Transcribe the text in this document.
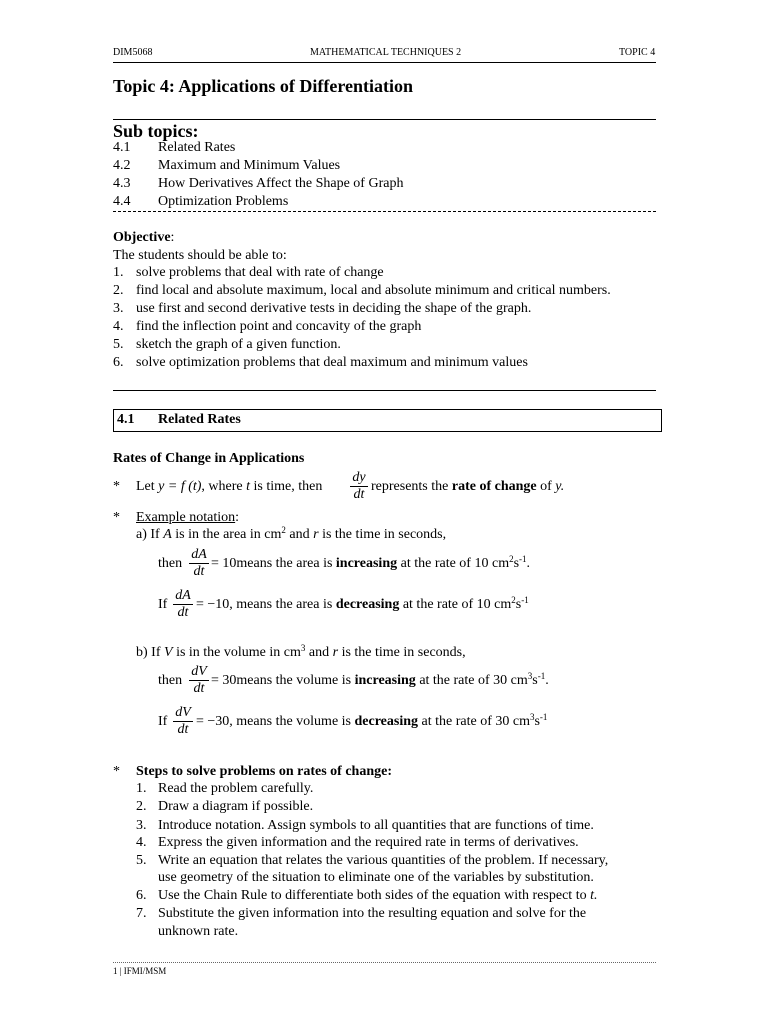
DIM5068	MATHEMATICAL TECHNIQUES 2	TOPIC 4
Topic 4: Applications of Differentiation
Sub topics:
4.1 Related Rates
4.2 Maximum and Minimum Values
4.3 How Derivatives Affect the Shape of Graph
4.4 Optimization Problems
Objective:
The students should be able to:
1. solve problems that deal with rate of change
2. find local and absolute maximum, local and absolute minimum and critical numbers.
3. use first and second derivative tests in deciding the shape of the graph.
4. find the inflection point and concavity of the graph
5. sketch the graph of a given function.
6. solve optimization problems that deal maximum and minimum values
4.1 Related Rates
Rates of Change in Applications
* Let y = f (t), where t is time, then $\frac{dy}{dt}$ represents the rate of change of y.
* Example notation:
a) If A is in the area in $cm^2$ and r is the time in seconds,
then $\frac{dA}{dt}$ = 10means the area is increasing at the rate of 10 $cm^2s^{-1}$.
If $\frac{dA}{dt} = -10$, means the area is decreasing at the rate of 10 $cm^2s^{-1}$
b) If V is in the volume in $cm^3$ and r is the time in seconds,
then $\frac{dV}{dt}$ = 30means the volume is increasing at the rate of 30 $cm^3s^{-1}$.
If $\frac{dV}{dt} = -30$, means the volume is decreasing at the rate of 30 $cm^3s^{-1}$
* Steps to solve problems on rates of change:
1. Read the problem carefully.
2. Draw a diagram if possible.
3. Introduce notation. Assign symbols to all quantities that are functions of time.
4. Express the given information and the required rate in terms of derivatives.
5. Write an equation that relates the various quantities of the problem. If necessary,
use geometry of the situation to eliminate one of the variables by substitution.
6. Use the Chain Rule to differentiate both sides of the equation with respect to t.
7. Substitute the given information into the resulting equation and solve for the
unknown rate.
1 | IFMI/MSM
